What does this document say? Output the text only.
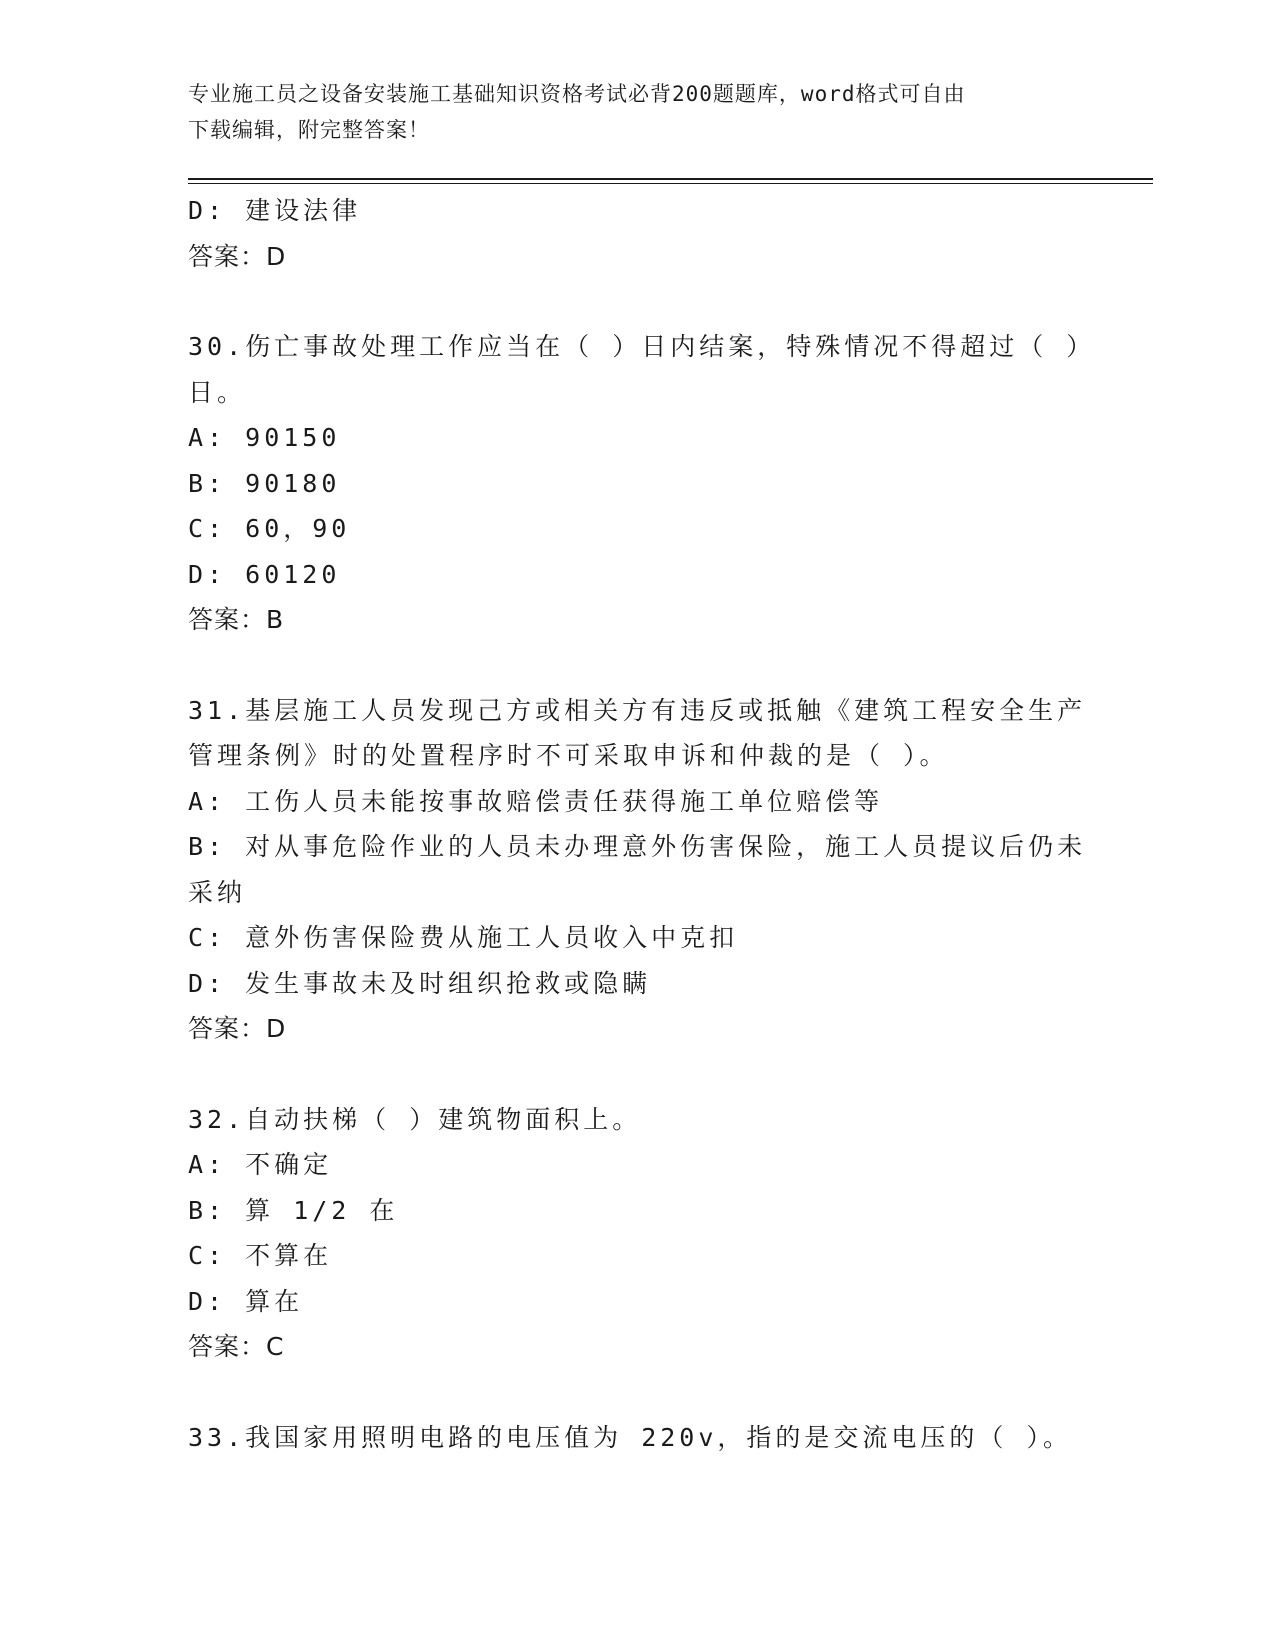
专业施工员之设备安装施工基础知识资格考试必背200题题库，word格式可自由
下载编辑，附完整答案！
D: 建设法律
答案：D
30.伤亡事故处理工作应当在（ ）日内结案，特殊情况不得超过（ ）
日。
A: 90150
B: 90180
C: 60，90
D: 60120
答案：B
31.基层施工人员发现己方或相关方有违反或抵触《建筑工程安全生产
管理条例》时的处置程序时不可采取申诉和仲裁的是（ ）。
A: 工伤人员未能按事故赔偿责任获得施工单位赔偿等
B: 对从事危险作业的人员未办理意外伤害保险，施工人员提议后仍未
采纳
C: 意外伤害保险费从施工人员收入中克扣
D: 发生事故未及时组织抢救或隐瞒
答案：D
32.自动扶梯（ ）建筑物面积上。
A: 不确定
B: 算 1/2 在
C: 不算在
D: 算在
答案：C
33.我国家用照明电路的电压值为 220v，指的是交流电压的（ ）。
